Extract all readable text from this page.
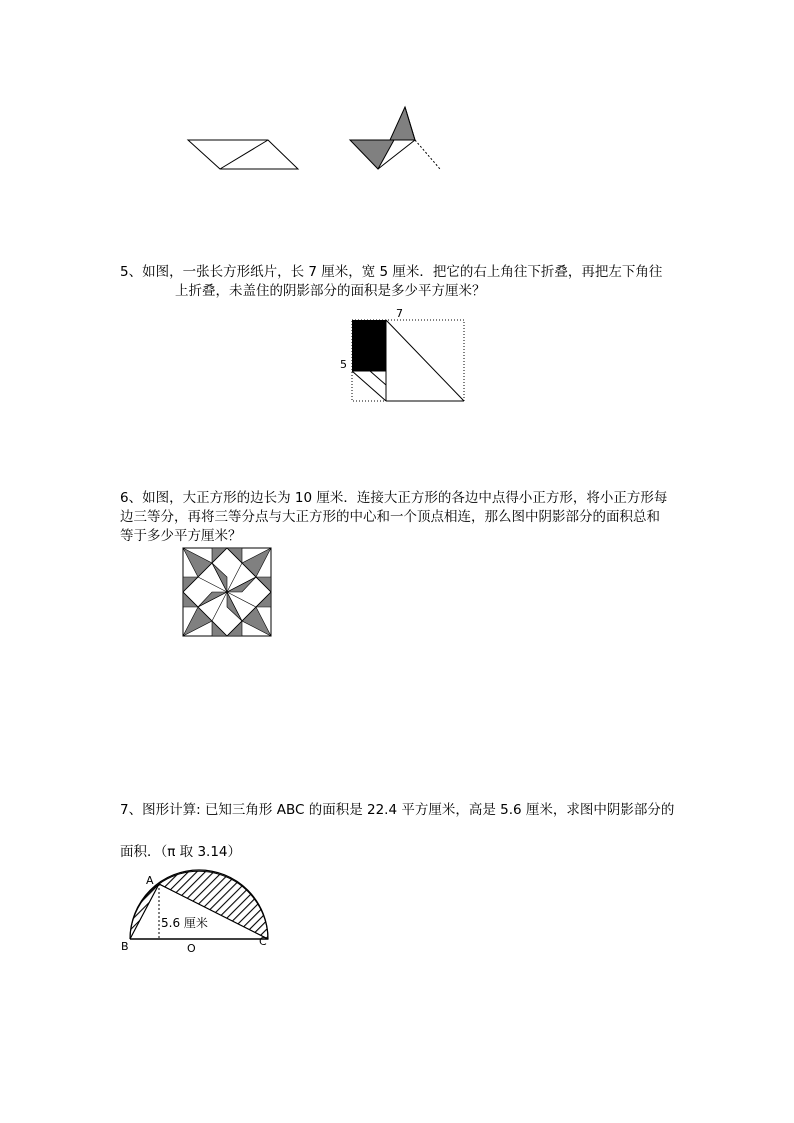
5、如图，一张长方形纸片，长 7 厘米，宽 5 厘米．把它的右上角往下折叠，再把左下角往
上折叠，未盖住的阴影部分的面积是多少平方厘米？
7
5
6、如图，大正方形的边长为 10 厘米．连接大正方形的各边中点得小正方形，将小正方形每
边三等分，再将三等分点与大正方形的中心和一个顶点相连，那么图中阴影部分的面积总和
等于多少平方厘米？
7、图形计算: 已知三角形 ABC 的面积是 22.4 平方厘米，高是 5.6 厘米，求图中阴影部分的
面积．（π 取 3.14）
A
B	O
C
5.6 厘米
